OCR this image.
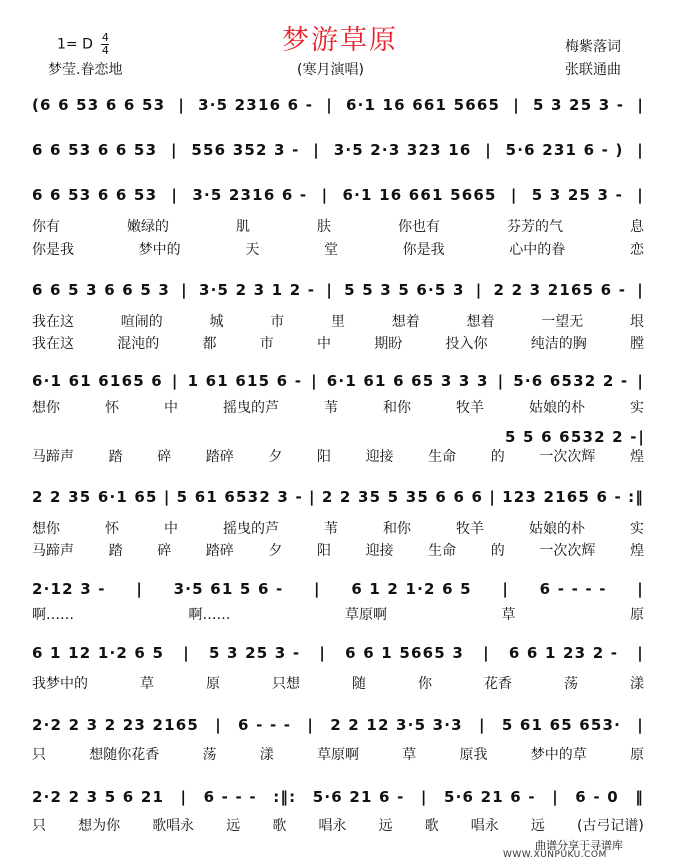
1= D $\frac{4}{4}$	梦游草原
梦莹.眷恋地	(寒月演唱)
梅紫落词
张联通曲
(6 6 53 6 6 53 | 3·5 2316 6 - | 6·1 16 661 5665 | 5 3 25 3 - |
6 6 53 6 6 53 | 556 352 3 - | 3·5 2·3 323 16 | 5·6 231 6 - ) |
6 6 53 6 6 53 | 3·5 2316 6 - | 6·1 16 661 5665 | 5 3 25 3 - |
你有	嫩绿的	肌	肤	你也有	芬芳的气	息
你是我	梦中的	天	堂	你是我	心中的眷	恋
6 6 5 3 6 6 5 3 | 3·5 2 3 1 2 - | 5 5 3 5 6·5 3 | 2 2 3 2165 6 - |
我在这	喧闹的	城	市	里	想着	想着	一望无	垠
我在这	混沌的	都	市	中	期盼	投入你	纯洁的胸	膛
6·1 61 6165 6 | 1 61 615 6 - | 6·1 61 6 65 3 3 3 | 5·6 6532 2 - |
想你	怀	中	摇曳的芦	苇	和你	牧羊	姑娘的朴	实
5 5 6 6532 2 - |
马蹄声 踏 碎 踏碎 夕 阳 迎接 生命 的 一次次辉 煌
2 2 35 6·1 65 | 5 61 6532 3 - | 2 2 35 5 35 6 6 6 | 123 2165 6 - :‖
想你	怀	中	摇曳的芦	苇	和你	牧羊	姑娘的朴	实
马蹄声 踏 碎 踏碎 夕 阳 迎接 生命 的 一次次辉 煌
2·12 3 - | 3·5 61 5 6 - | 6 1 2 1·2 6 5 | 6 - - - - |
啊……	啊……	草原啊	草	原
6 1 12 1·2 6 5 | 5 3 25 3 - | 6 6 1 5665 3 | 6 6 1 23 2 - |
我梦中的	草	原	只想	随	你	花香	荡	漾
2·2 2 3 2 23 2165 | 6 - - - | 2 2 12 3·5 3·3 | 5 61 65 653· |
只	想随你花香	荡	漾	草原啊	草	原我	梦中的草	原
2·2 2 3 5 6 21 | 6 - - - :‖: 5·6 21 6 - | 5·6 21 6 - | 6 - 0 ‖
只 想为你 歌唱永 远 歌 唱永 远 歌 唱永 远 (古弓记谱)
曲谱分享于寻谱库
WWW.XUNPUKU.COM
